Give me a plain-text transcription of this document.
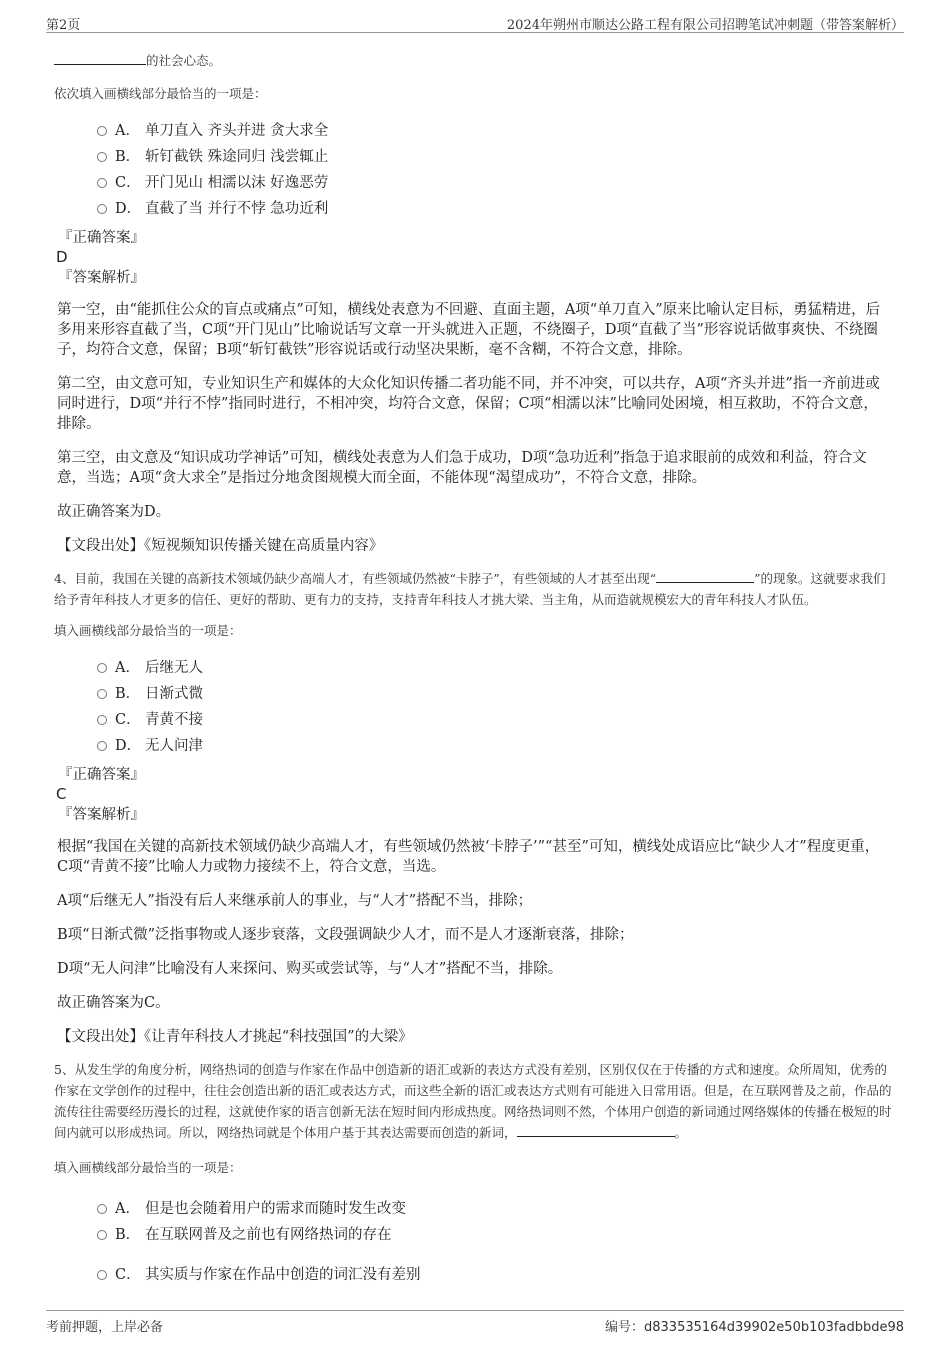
第2页	2024年朔州市顺达公路工程有限公司招聘笔试冲刺题（带答案解析）
的社会心态。
依次填入画横线部分最恰当的一项是：
A． 单刀直入 齐头并进 贪大求全
B． 斩钉截铁 殊途同归 浅尝辄止
C． 开门见山 相濡以沫 好逸恶劳
D． 直截了当 并行不悖 急功近利
『正确答案』
D
『答案解析』

第一空，由“能抓住公众的盲点或痛点”可知，横线处表意为不回避、直面主题，A项“单刀直入”原来比喻认定目标，勇猛精进，后多用来形容直截了当，C项“开门见山”比喻说话写文章一开头就进入正题，不绕圈子，D项“直截了当”形容说话做事爽快、不绕圈子，均符合文意，保留；B项“斩钉截铁”形容说话或行动坚决果断，毫不含糊，不符合文意，排除。

第二空，由文意可知，专业知识生产和媒体的大众化知识传播二者功能不同，并不冲突，可以共存，A项“齐头并进”指一齐前进或同时进行，D项“并行不悖”指同时进行，不相冲突，均符合文意，保留；C项“相濡以沫”比喻同处困境，相互救助，不符合文意，排除。

第三空，由文意及“知识成功学神话”可知，横线处表意为人们急于成功，D项“急功近利”指急于追求眼前的成效和利益，符合文意，当选；A项“贪大求全”是指过分地贪图规模大而全面，不能体现“渴望成功”，不符合文意，排除。

故正确答案为D。

【文段出处】《短视频知识传播关键在高质量内容》
4、目前，我国在关键的高新技术领域仍缺少高端人才，有些领域仍然被“卡脖子”，有些领域的人才甚至出现“	”的现象。这就要求我们给予青年科技人才更多的信任、更好的帮助、更有力的支持，支持青年科技人才挑大梁、当主角，从而造就规模宏大的青年科技人才队伍。
填入画横线部分最恰当的一项是：
A． 后继无人
B． 日渐式微
C． 青黄不接
D． 无人问津
『正确答案』
C
『答案解析』

根据“我国在关键的高新技术领域仍缺少高端人才，有些领域仍然被‘卡脖子’”“甚至”可知，横线处成语应比“缺少人才”程度更重，C项“青黄不接”比喻人力或物力接续不上，符合文意，当选。

A项“后继无人”指没有后人来继承前人的事业，与“人才”搭配不当，排除；

B项“日渐式微”泛指事物或人逐步衰落，文段强调缺少人才，而不是人才逐渐衰落，排除；

D项“无人问津”比喻没有人来探问、购买或尝试等，与“人才”搭配不当，排除。

故正确答案为C。

【文段出处】《让青年科技人才挑起“科技强国”的大梁》
5、从发生学的角度分析，网络热词的创造与作家在作品中创造新的语汇或新的表达方式没有差别，区别仅仅在于传播的方式和速度。众所周知，优秀的作家在文学创作的过程中，往往会创造出新的语汇或表达方式，而这些全新的语汇或表达方式则有可能进入日常用语。但是，在互联网普及之前，作品的流传往往需要经历漫长的过程，这就使作家的语言创新无法在短时间内形成热度。网络热词则不然，个体用户创造的新词通过网络媒体的传播在极短的时间内就可以形成热词。所以，网络热词就是个体用户基于其表达需要而创造的新词，	。
填入画横线部分最恰当的一项是：
A． 但是也会随着用户的需求而随时发生改变
B． 在互联网普及之前也有网络热词的存在
C． 其实质与作家在作品中创造的词汇没有差别
考前押题，上岸必备	编号：d833535164d39902e50b103fadbbde98
